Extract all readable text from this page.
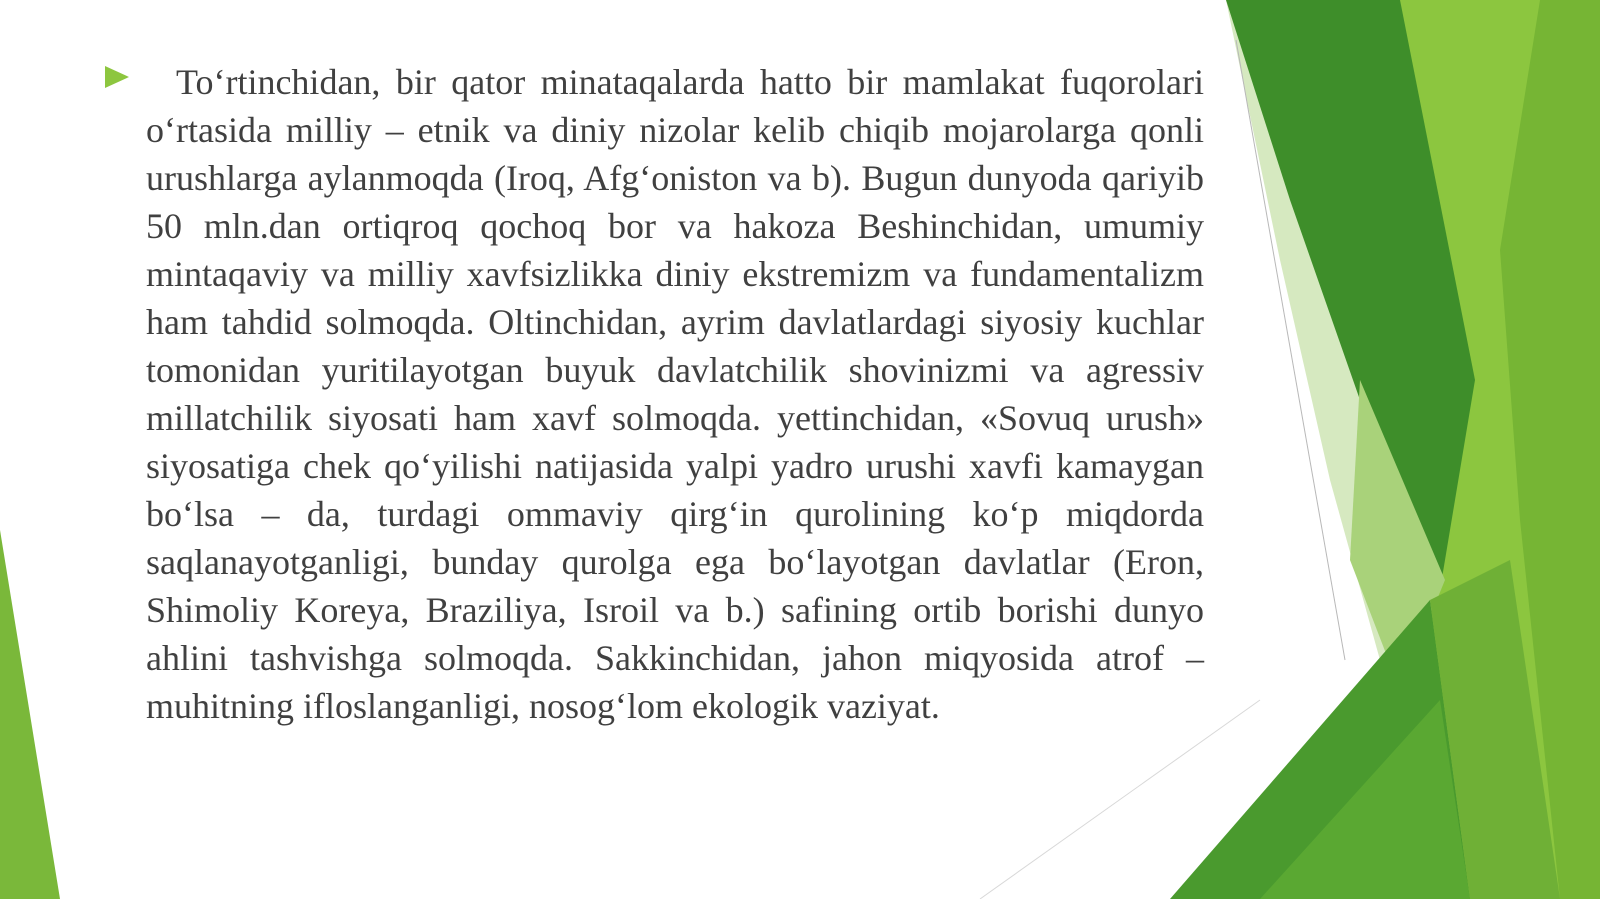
To‘rtinchidan, bir qator minataqalarda hatto bir mamlakat fuqorolari o‘rtasida milliy – etnik va diniy nizolar kelib chiqib mojarolarga qonli urushlarga aylanmoqda (Iroq, Afg‘oniston va b). Bugun dunyoda qariyib 50 mln.dan ortiqroq qochoq bor va hakoza Beshinchidan, umumiy mintaqaviy va milliy xavfsizlikka diniy ekstremizm va fundamentalizm ham tahdid solmoqda. Oltinchidan, ayrim davlatlardagi siyosiy kuchlar tomonidan yuritilayotgan buyuk davlatchilik shovinizmi va agressiv millatchilik siyosati ham xavf solmoqda. yettinchidan, «Sovuq urush» siyosatiga chek qo‘yilishi natijasida yalpi yadro urushi xavfi kamaygan bo‘lsa – da, turdagi ommaviy qirg‘in qurolining ko‘p miqdorda saqlanayotganligi, bunday qurolga ega bo‘layotgan davlatlar (Eron, Shimoliy Koreya, Braziliya, Isroil va b.) safining ortib borishi dunyo ahlini tashvishga solmoqda. Sakkinchidan, jahon miqyosida atrof – muhitning ifloslanganligi, nosog‘lom ekologik vaziyat.
